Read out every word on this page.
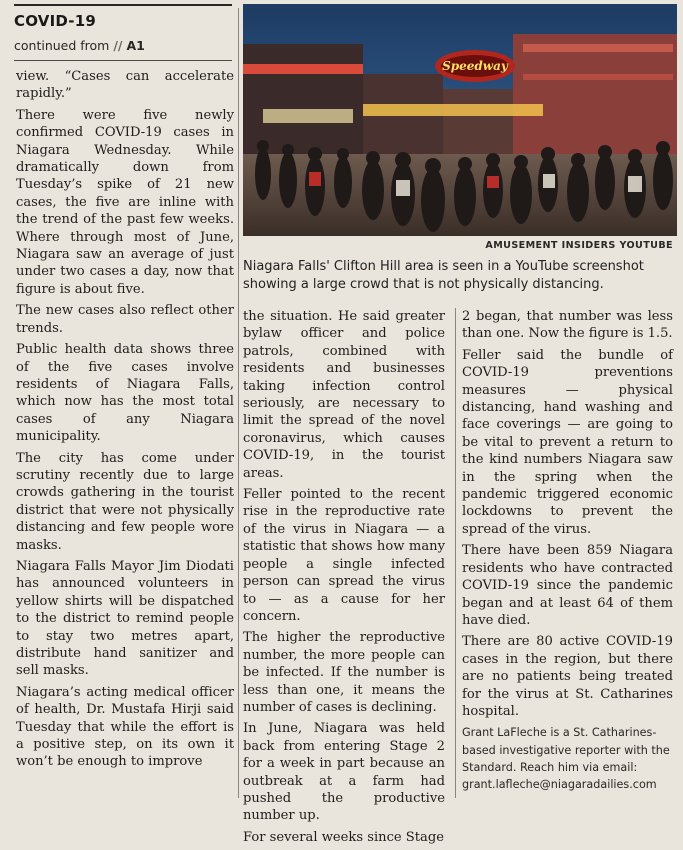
COVID-19
continued from // A1

view. “Cases can accelerate rapidly.”

There were five newly confirmed COVID-19 cases in Niagara Wednesday. While dramatically down from Tuesday’s spike of 21 new cases, the five are inline with the trend of the past few weeks. Where through most of June, Niagara saw an average of just under two cases a day, now that figure is about five.

The new cases also reflect other trends.

Public health data shows three of the five cases involve residents of Niagara Falls, which now has the most total cases of any Niagara municipality.

The city has come under scrutiny recently due to large crowds gathering in the tourist district that were not physically distancing and few people wore masks.

Niagara Falls Mayor Jim Diodati has announced volunteers in yellow shirts will be dispatched to the district to remind people to stay two metres apart, distribute hand sanitizer and sell masks.

Niagara’s acting medical officer of health, Dr. Mustafa Hirji said Tuesday that while the effort is a positive step, on its own it won’t be enough to improve

Speedway
AMUSEMENT INSIDERS YOUTUBE
Niagara Falls' Clifton Hill area is seen in a YouTube screenshot showing a large crowd that is not physically distancing.

the situation. He said greater bylaw officer and police patrols, combined with residents and businesses taking infection control seriously, are necessary to limit the spread of the novel coronavirus, which causes COVID-19, in the tourist areas.

Feller pointed to the recent rise in the reproductive rate of the virus in Niagara — a statistic that shows how many people a single infected person can spread the virus to — as a cause for her concern.

The higher the reproductive number, the more people can be infected. If the number is less than one, it means the number of cases is declining.

In June, Niagara was held back from entering Stage 2 for a week in part because an outbreak at a farm had pushed the productive number up.

For several weeks since Stage

2 began, that number was less than one. Now the figure is 1.5.

Feller said the bundle of COVID-19 preventions measures — physical distancing, hand washing and face coverings — are going to be vital to prevent a return to the kind numbers Niagara saw in the spring when the pandemic triggered economic lockdowns to prevent the spread of the virus.

There have been 859 Niagara residents who have contracted COVID-19 since the pandemic began and at least 64 of them have died.

There are 80 active COVID-19 cases in the region, but there are no patients being treated for the virus at St. Catharines hospital.

Grant LaFleche is a St. Catharines-based investigative reporter with the Standard. Reach him via email: grant.lafleche@niagaradailies.com
